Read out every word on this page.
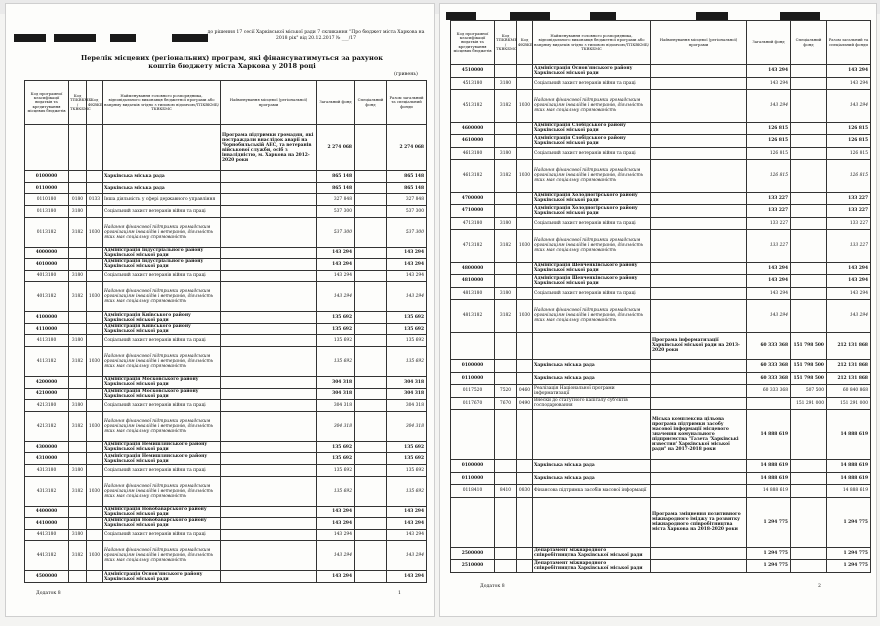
до рішення 17 сесії Харківської міської ради 7 скликання "Про бюджет міста Харкова на 2018 рік" від 20.12.2017 № ___/17
Перелік місцевих (регіональних) програм, які фінансуватимуться за рахунок коштів бюджету міста Харкова у 2018 році
(гривень)
Код програмної класифікації видатків та кредитування місцевих бюджетів	Код ТПКВКМБ / ТКВКБМС	Код ФКВКБ	Найменування головного розпорядника, відповідального виконавця бюджетної програми або напряму видатків згідно з типовою відомчою/ТПКВКМБ/ТКВКБМС	Найменування місцевої (регіональної) програми	Загальний фонд	Спеціальний фонд	Разом загальний та спеціальний фонди
				Програма підтримки громадян, які постраждали внаслідок аварії на Чорнобильській АЕС, та ветеранів військової служби, осіб з інвалідністю, м. Харкова на 2012-2020 роки	2 274 068		2 274 068
0100000			Харківська міська рада		865 148		865 148
0110000			Харківська міська рада		865 148		865 148
0110180	0180	0133	Інша діяльність у сфері державного управління		327 848		327 848
0113180	3180		Соціальний захист ветеранів війни та праці		537 300		537 300
0113182	3182	1030	Надання фінансової підтримки громадським організаціям інвалідів і ветеранів, діяльність яких має соціальну спрямованість		537 300		537 300
4000000			Адміністрація Індустріального району Харківської міської ради		143 294		143 294
4010000			Адміністрація Індустріального району Харківської міської ради		143 294		143 294
4013180	3180		Соціальний захист ветеранів війни та праці		143 294		143 294
4013182	3182	1030	Надання фінансової підтримки громадським організаціям інвалідів і ветеранів, діяльність яких має соціальну спрямованість		143 294		143 294
4100000			Адміністрація Київського району Харківської міської ради		135 692		135 692
4110000			Адміністрація Київського району Харківської міської ради		135 692		135 692
4113180	3180		Соціальний захист ветеранів війни та праці		135 692		135 692
4113182	3182	1030	Надання фінансової підтримки громадським організаціям інвалідів і ветеранів, діяльність яких має соціальну спрямованість		135 692		135 692
4200000			Адміністрація Московського району Харківської міської ради		304 318		304 318
4210000			Адміністрація Московського району Харківської міської ради		304 318		304 318
4213180	3180		Соціальний захист ветеранів війни та праці		304 318		304 318
4213182	3182	1030	Надання фінансової підтримки громадським організаціям інвалідів і ветеранів, діяльність яких має соціальну спрямованість		304 318		304 318
4300000			Адміністрація Немишлянського району Харківської міської ради		135 692		135 692
4310000			Адміністрація Немишлянського району Харківської міської ради		135 692		135 692
4313180	3180		Соціальний захист ветеранів війни та праці		135 692		135 692
4313182	3182	1030	Надання фінансової підтримки громадським організаціям інвалідів і ветеранів, діяльність яких має соціальну спрямованість		135 692		135 692
4400000			Адміністрація Новобаварського району Харківської міської ради		143 294		143 294
4410000			Адміністрація Новобаварського району Харківської міської ради		143 294		143 294
4413180	3180		Соціальний захист ветеранів війни та праці		143 294		143 294
4413182	3182	1030	Надання фінансової підтримки громадським організаціям інвалідів і ветеранів, діяльність яких має соціальну спрямованість		143 294		143 294
4500000			Адміністрація Основ'янського району Харківської міської ради		143 294		143 294
Додаток 8	1
Код програмної класифікації видатків та кредитування місцевих бюджетів	Код ТПКВКМБ / ТКВКБМС	Код ФКВКБ	Найменування головного розпорядника, відповідального виконавця бюджетної програми або напряму видатків згідно з типовою відомчою/ТПКВКМБ/ТКВКБМС	Найменування місцевої (регіональної) програми	Загальний фонд	Спеціальний фонд	Разом загальний та спеціальний фонди
4510000			Адміністрація Основ'янського району Харківської міської ради		143 294		143 294
4513180	3180		Соціальний захист ветеранів війни та праці		143 294		143 294
4513182	3182	1030	Надання фінансової підтримки громадським організаціям інвалідів і ветеранів, діяльність яких має соціальну спрямованість		143 294		143 294
4600000			Адміністрація Слобідського району Харківської міської ради		126 815		126 815
4610000			Адміністрація Слобідського району Харківської міської ради		126 815		126 815
4613180	3180		Соціальний захист ветеранів війни та праці		126 815		126 815
4613182	3182	1030	Надання фінансової підтримки громадським організаціям інвалідів і ветеранів, діяльність яких має соціальну спрямованість		126 815		126 815
4700000			Адміністрація Холодногірського району Харківської міської ради		133 227		133 227
4710000			Адміністрація Холодногірського району Харківської міської ради		133 227		133 227
4713180	3180		Соціальний захист ветеранів війни та праці		133 227		133 227
4713182	3182	1030	Надання фінансової підтримки громадським організаціям інвалідів і ветеранів, діяльність яких має соціальну спрямованість		133 227		133 227
4800000			Адміністрація Шевченківського району Харківської міської ради		143 294		143 294
4810000			Адміністрація Шевченківського району Харківської міської ради		143 294		143 294
4813180	3180		Соціальний захист ветеранів війни та праці		143 294		143 294
4813182	3182	1030	Надання фінансової підтримки громадським організаціям інвалідів і ветеранів, діяльність яких має соціальну спрямованість		143 294		143 294
				Програма інформатизації Харківської міської ради на 2013-2020 роки	60 333 368	151 798 500	212 131 868
0100000			Харківська міська рада		60 333 368	151 798 500	212 131 868
0110000			Харківська міська рада		60 333 368	151 798 500	212 131 868
0117520	7520	0460	Реалізація Національної програми інформатизації		60 333 368	507 500	60 840 868
0117670	7670	0490	Внески до статутного капіталу суб'єктів господарювання			151 291 000	151 291 000
				Міська комплексна цільова програма підтримки засобу масової інформації місцевого значення комунального підприємства "Газета 'Харківські известия' Харківської міської ради" на 2017-2018 роки	14 888 619		14 888 619
0100000			Харківська міська рада		14 888 619		14 888 619
0110000			Харківська міська рада		14 888 619		14 888 619
0118410	8410	0830	Фінансова підтримка засобів масової інформації		14 888 619		14 888 619
				Програма зміцнення позитивного міжнародного іміджу та розвитку міжнародного співробітництва міста Харкова на 2018-2020 роки	1 294 775		1 294 775
2500000			Департамент міжнародного співробітництва Харківської міської ради		1 294 775		1 294 775
2510000			Департамент міжнародного співробітництва Харківської міської ради		1 294 775		1 294 775
Додаток 8	2
